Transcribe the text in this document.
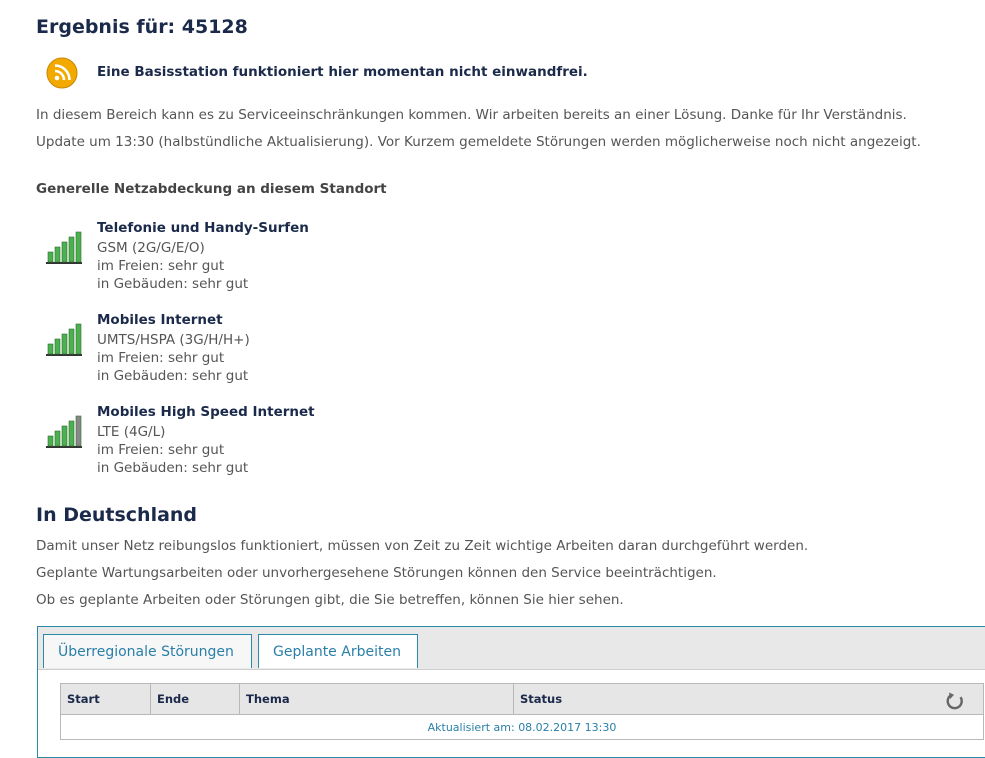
Ergebnis für: 45128
Eine Basisstation funktioniert hier momentan nicht einwandfrei.
In diesem Bereich kann es zu Serviceeinschränkungen kommen. Wir arbeiten bereits an einer Lösung. Danke für Ihr Verständnis.
Update um 13:30 (halbstündliche Aktualisierung). Vor Kurzem gemeldete Störungen werden möglicherweise noch nicht angezeigt.
Generelle Netzabdeckung an diesem Standort
Telefonie und Handy-Surfen
GSM (2G/G/E/O)
im Freien: sehr gut
in Gebäuden: sehr gut
Mobiles Internet
UMTS/HSPA (3G/H/H+)
im Freien: sehr gut
in Gebäuden: sehr gut
Mobiles High Speed Internet
LTE (4G/L)
im Freien: sehr gut
in Gebäuden: sehr gut
In Deutschland
Damit unser Netz reibungslos funktioniert, müssen von Zeit zu Zeit wichtige Arbeiten daran durchgeführt werden.
Geplante Wartungsarbeiten oder unvorhergesehene Störungen können den Service beeinträchtigen.
Ob es geplante Arbeiten oder Störungen gibt, die Sie betreffen, können Sie hier sehen.
Überregionale Störungen	Geplante Arbeiten
Start	Ende	Thema	Status

Aktualisiert am: 08.02.2017 13:30
